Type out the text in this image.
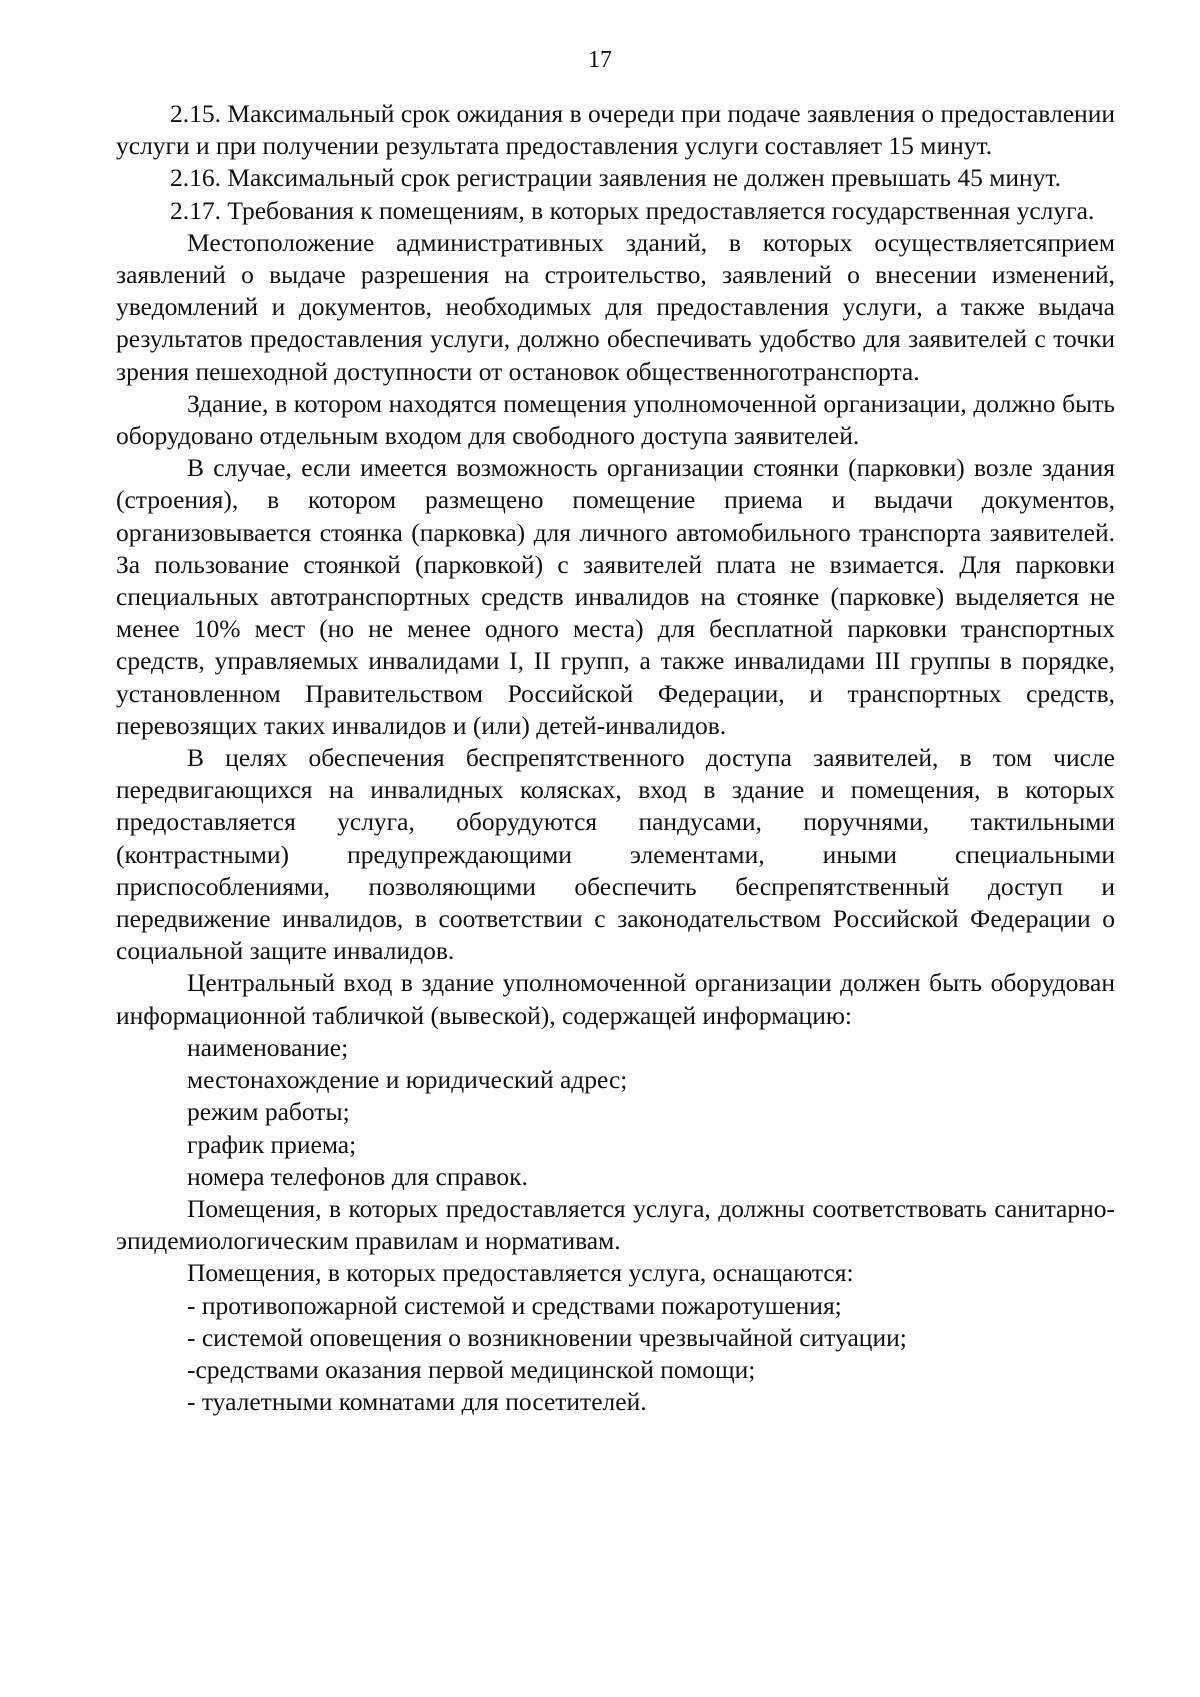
17

2.15. Максимальный срок ожидания в очереди при подаче заявления о предоставлении услуги и при получении результата предоставления услуги составляет 15 минут.

2.16. Максимальный срок регистрации заявления не должен превышать 45 минут.

2.17. Требования к помещениям, в которых предоставляется государственная услуга.

Местоположение административных зданий, в которых осуществляетсяприем заявлений о выдаче разрешения на строительство, заявлений о внесении изменений, уведомлений и документов, необходимых для предоставления услуги, а также выдача результатов предоставления услуги, должно обеспечивать удобство для заявителей с точки зрения пешеходной доступности от остановок общественноготранспорта.

Здание, в котором находятся помещения уполномоченной организации, должно быть оборудовано отдельным входом для свободного доступа заявителей.

В случае, если имеется возможность организации стоянки (парковки) возле здания (строения), в котором размещено помещение приема и выдачи документов, организовывается стоянка (парковка) для личного автомобильного транспорта заявителей. За пользование стоянкой (парковкой) с заявителей плата не взимается. Для парковки специальных автотранспортных средств инвалидов на стоянке (парковке) выделяется не менее 10% мест (но не менее одного места) для бесплатной парковки транспортных средств, управляемых инвалидами I, II групп, а также инвалидами III группы в порядке, установленном Правительством Российской Федерации, и транспортных средств, перевозящих таких инвалидов и (или) детей-инвалидов.

В целях обеспечения беспрепятственного доступа заявителей, в том числе передвигающихся на инвалидных колясках, вход в здание и помещения, в которых предоставляется услуга, оборудуются пандусами, поручнями, тактильными (контрастными) предупреждающими элементами, иными специальными приспособлениями, позволяющими обеспечить беспрепятственный доступ и передвижение инвалидов, в соответствии с законодательством Российской Федерации о социальной защите инвалидов.

Центральный вход в здание уполномоченной организации должен быть оборудован информационной табличкой (вывеской), содержащей информацию:

наименование;

местонахождение и юридический адрес;

режим работы;

график приема;

номера телефонов для справок.

Помещения, в которых предоставляется услуга, должны соответствовать санитарно-эпидемиологическим правилам и нормативам.

Помещения, в которых предоставляется услуга, оснащаются:

- противопожарной системой и средствами пожаротушения;

- системой оповещения о возникновении чрезвычайной ситуации;

-средствами оказания первой медицинской помощи;

- туалетными комнатами для посетителей.
